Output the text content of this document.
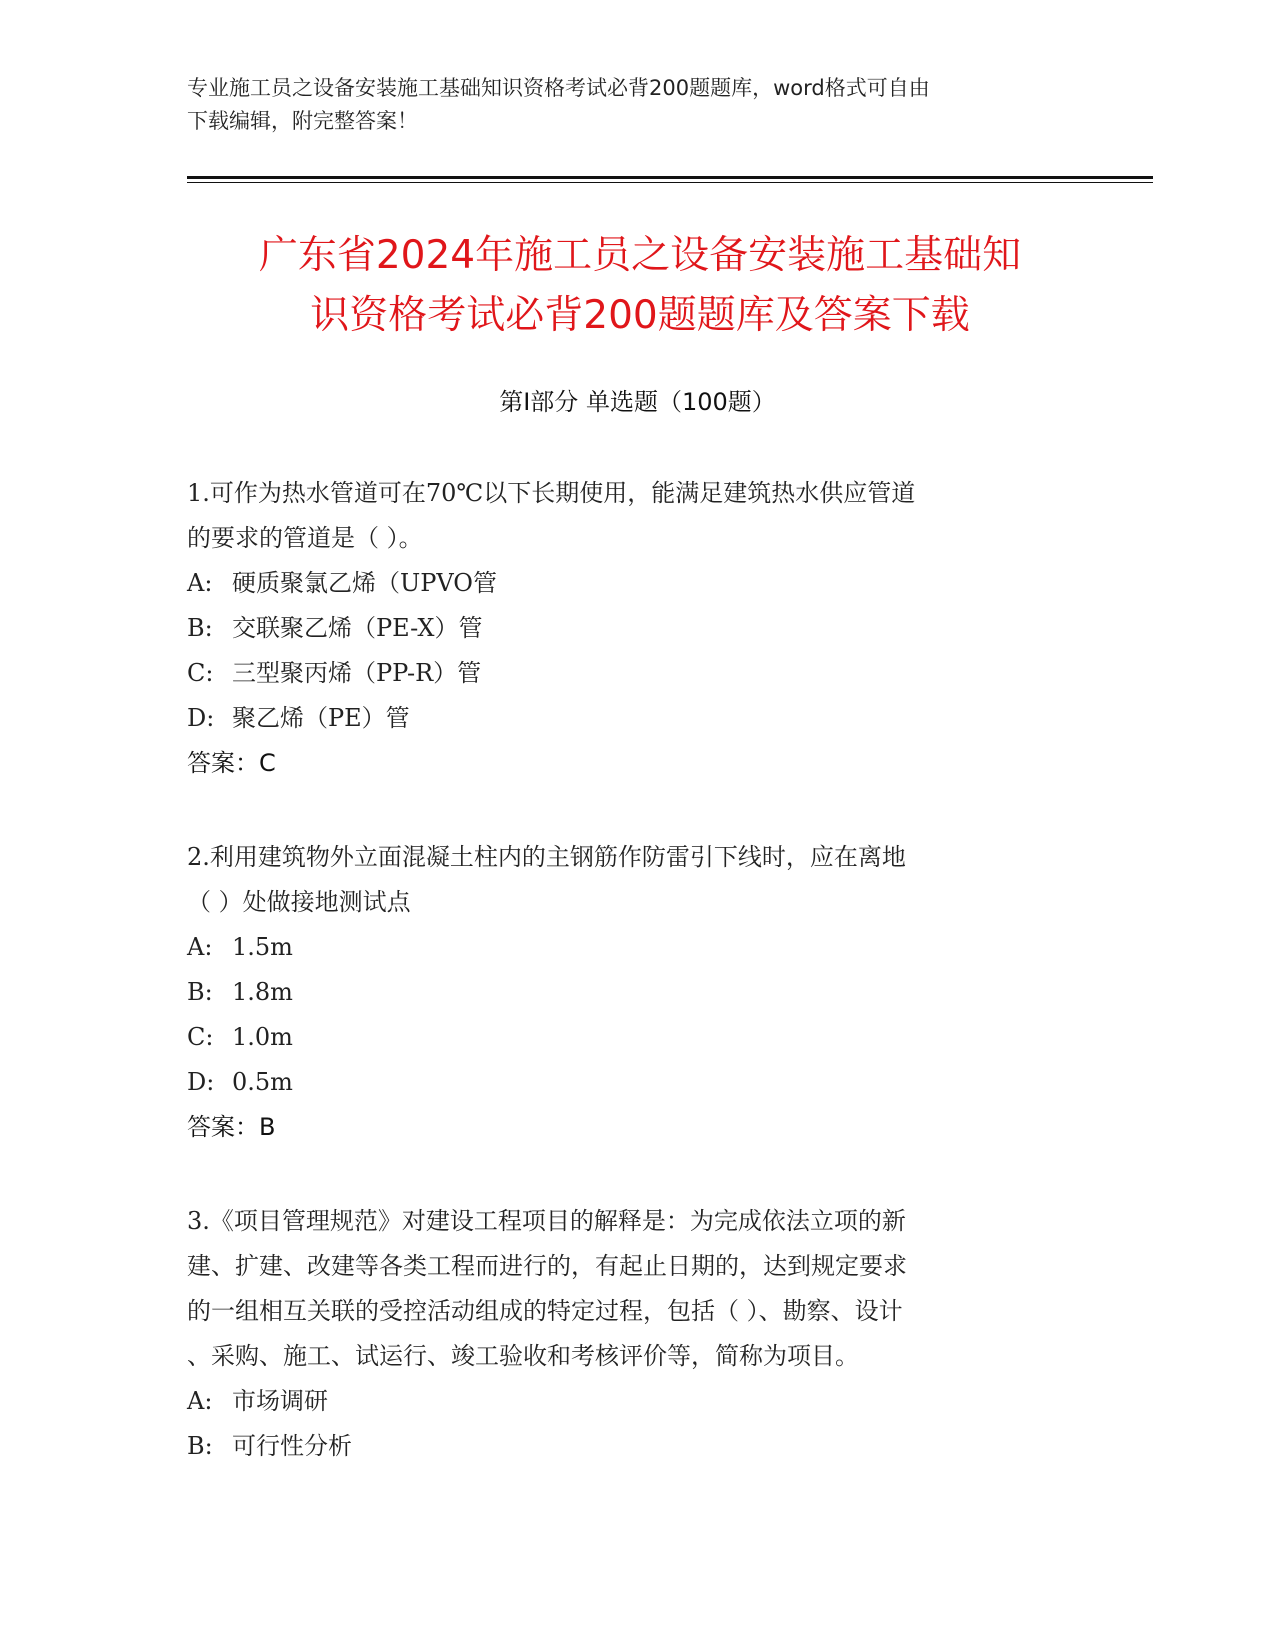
专业施工员之设备安装施工基础知识资格考试必背200题题库，word格式可自由
下载编辑，附完整答案！
广东省2024年施工员之设备安装施工基础知
识资格考试必背200题题库及答案下载
第Ⅰ部分 单选题（100题）
1.可作为热水管道可在70℃以下长期使用，能满足建筑热水供应管道
的要求的管道是（ ）。
A: 硬质聚氯乙烯（UPVO管
B: 交联聚乙烯（PE-X）管
C: 三型聚丙烯（PP-R）管
D: 聚乙烯（PE）管
答案：C
2.利用建筑物外立面混凝土柱内的主钢筋作防雷引下线时，应在离地
（ ）处做接地测试点
A: 1.5m
B: 1.8m
C: 1.0m
D: 0.5m
答案：B
3.《项目管理规范》对建设工程项目的解释是：为完成依法立项的新
建、扩建、改建等各类工程而进行的，有起止日期的，达到规定要求
的一组相互关联的受控活动组成的特定过程，包括（ ）、勘察、设计
、采购、施工、试运行、竣工验收和考核评价等，简称为项目。
A: 市场调研
B: 可行性分析
